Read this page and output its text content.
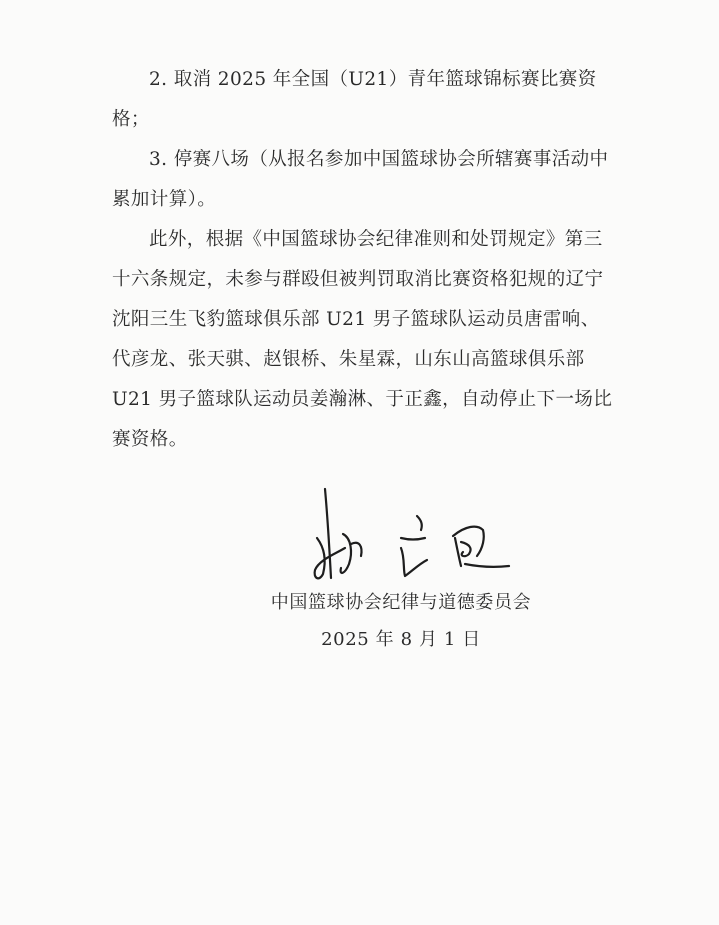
2. 取消 2025 年全国（U21）青年篮球锦标赛比赛资格；

3. 停赛八场（从报名参加中国篮球协会所辖赛事活动中累加计算）。

此外，根据《中国篮球协会纪律准则和处罚规定》第三十六条规定，未参与群殴但被判罚取消比赛资格犯规的辽宁沈阳三生飞豹篮球俱乐部 U21 男子篮球队运动员唐雷响、代彦龙、张天骐、赵银桥、朱星霖，山东山高篮球俱乐部 U21 男子篮球队运动员姜瀚淋、于正鑫，自动停止下一场比赛资格。

中国篮球协会纪律与道德委员会
2025 年 8 月 1 日
